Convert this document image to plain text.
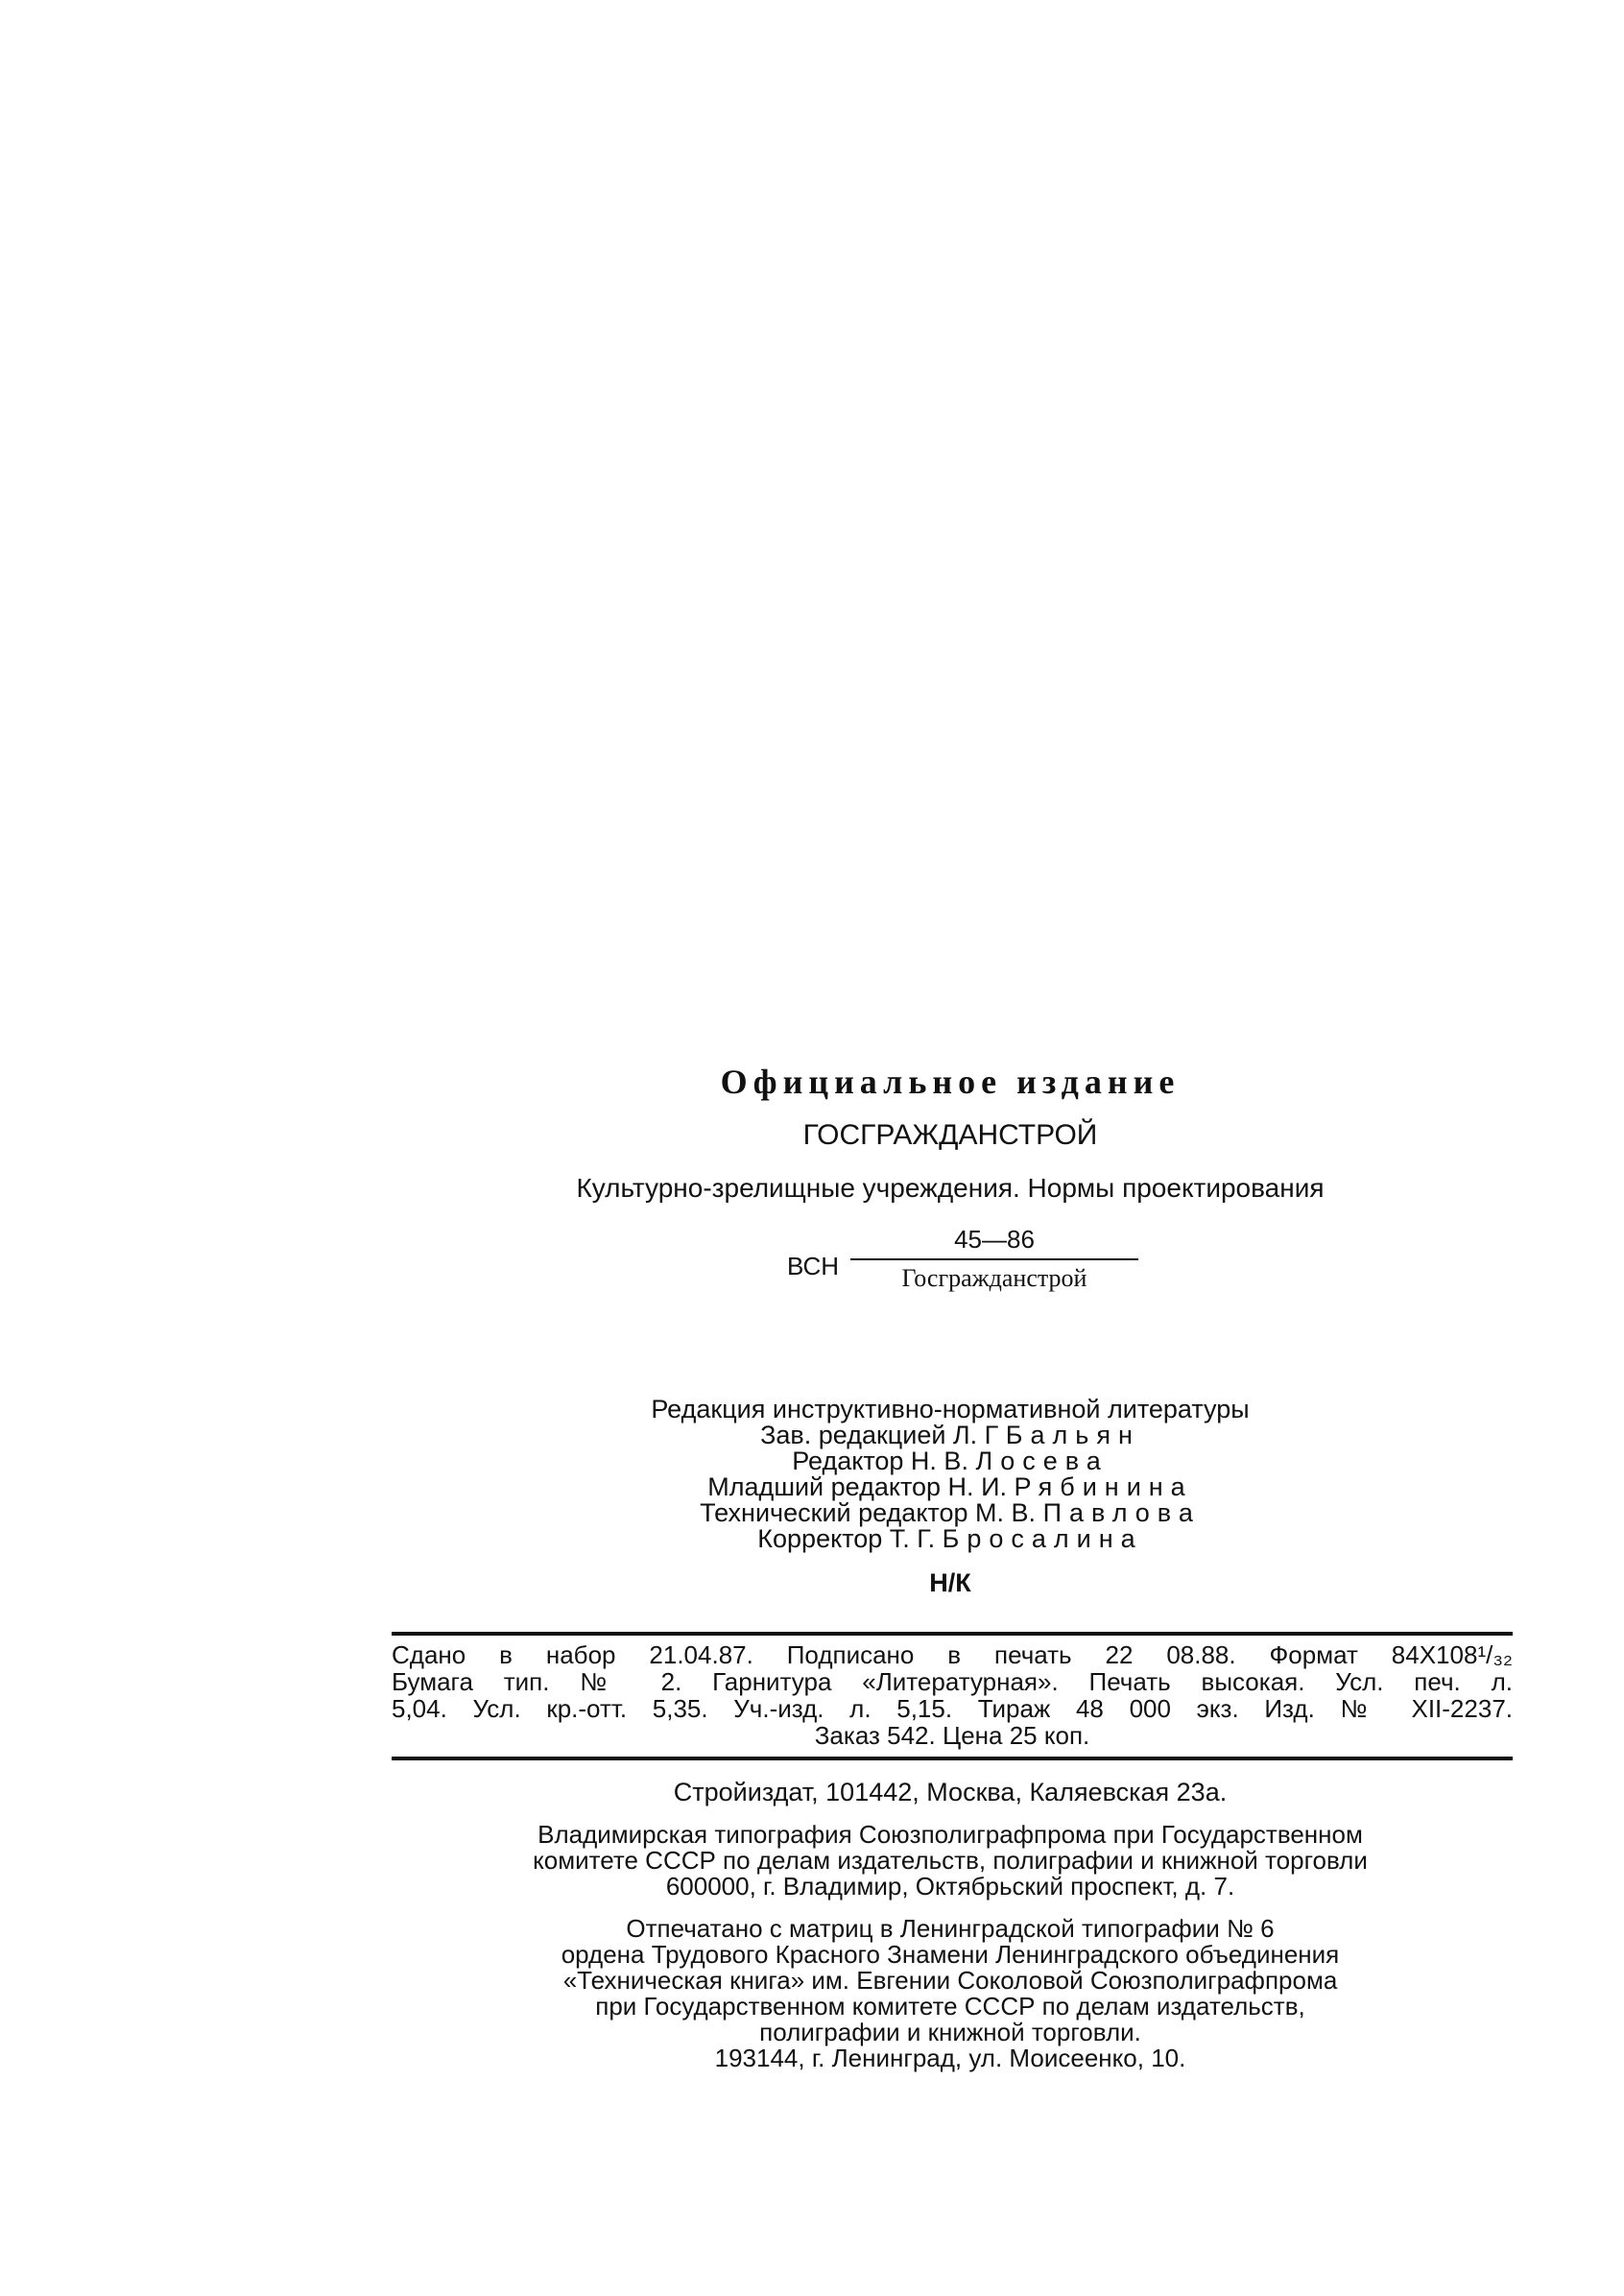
Официальное издание
ГОСГРАЖДАНСТРОЙ
Культурно-зрелищные учреждения. Нормы проектирования
ВСН
45—86
Госгражданстрой
Редакция инструктивно-нормативной литературы
Зав. редакцией Л. Г Бальян
Редактор Н. В. Лосева
Младший редактор Н. И. Рябинина
Технический редактор М. В. Павлова
Корректор Т. Г. Бросалина
Н/К
Сдано в набор 21.04.87. Подписано в печать 22 08.88. Формат 84X108¹/₃₂
Бумага тип. № 2. Гарнитура «Литературная». Печать высокая. Усл. печ. л.
5,04. Усл. кр.-отт. 5,35. Уч.-изд. л. 5,15. Тираж 48 000 экз. Изд. № XII-2237.
Заказ 542. Цена 25 коп.
Стройиздат, 101442, Москва, Каляевская 23а.
Владимирская типография Союзполиграфпрома при Государственном
комитете СССР по делам издательств, полиграфии и книжной торговли
600000, г. Владимир, Октябрьский проспект, д. 7.
Отпечатано с матриц в Ленинградской типографии № 6
ордена Трудового Красного Знамени Ленинградского объединения
«Техническая книга» им. Евгении Соколовой Союзполиграфпрома
при Государственном комитете СССР по делам издательств,
полиграфии и книжной торговли.
193144, г. Ленинград, ул. Моисеенко, 10.
